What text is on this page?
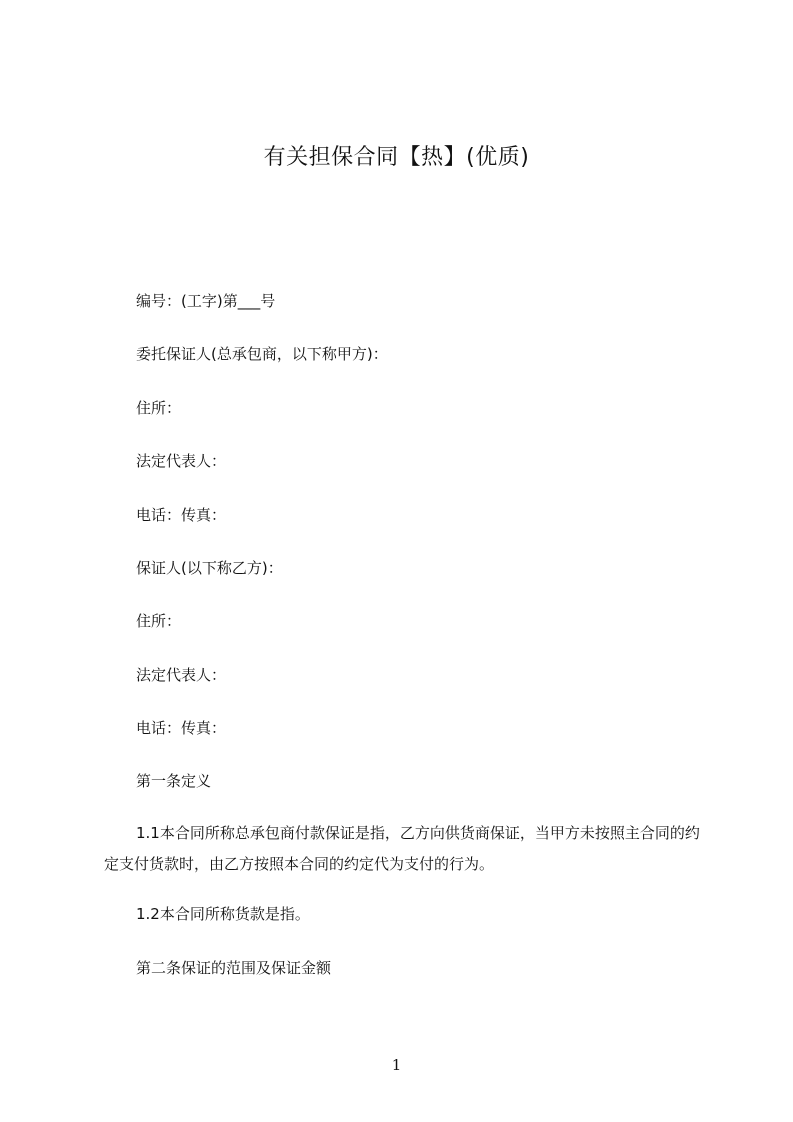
有关担保合同【热】(优质)
编号：(工字)第___号
委托保证人(总承包商，以下称甲方)：
住所：
法定代表人：
电话：传真：
保证人(以下称乙方)：
住所：
法定代表人：
电话：传真：
第一条定义
1.1本合同所称总承包商付款保证是指，乙方向供货商保证，当甲方未按照主合同的约定支付货款时，由乙方按照本合同的约定代为支付的行为。
1.2本合同所称货款是指。
第二条保证的范围及保证金额
1
